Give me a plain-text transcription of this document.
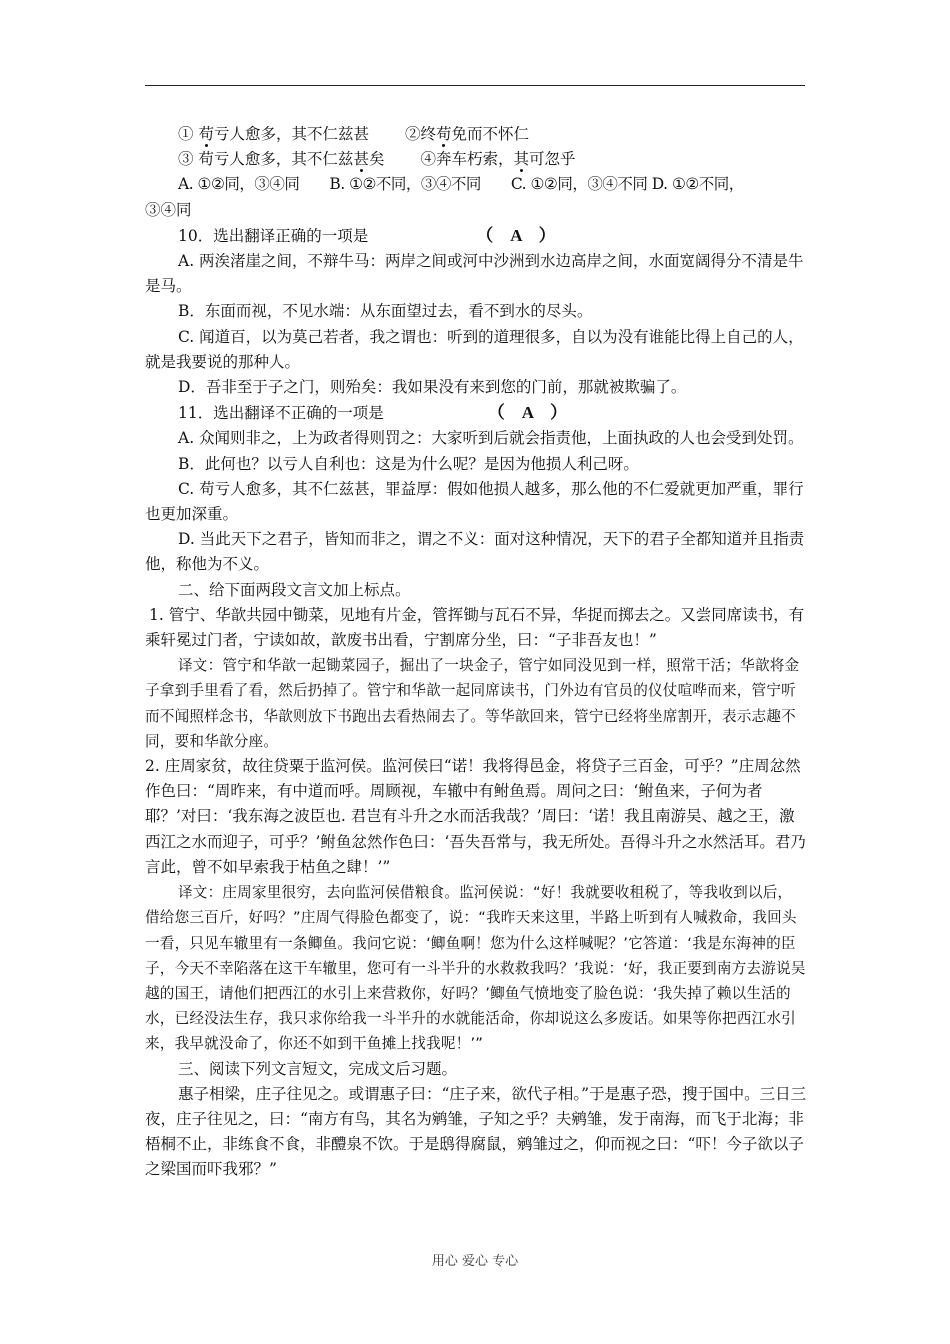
① 苟亏人愈多，其不仁兹甚 ②终苟免而不怀仁

③ 苟亏人愈多，其不仁兹甚矣 ④奔车朽索，其可忽乎

A. ①②同，③④同　　B. ①②不同，③④不同　　C. ①②同，③④不同 D. ①②不同，

③④同

10．选出翻译正确的一项是	（　A　）

A. 两涘渚崖之间，不辩牛马：两岸之间或河中沙洲到水边高岸之间，水面宽阔得分不清是牛是马。

B．东面而视，不见水端：从东面望过去，看不到水的尽头。

C. 闻道百，以为莫己若者，我之谓也：听到的道理很多，自以为没有谁能比得上自己的人，就是我要说的那种人。

D．吾非至于子之门，则殆矣：我如果没有来到您的门前，那就被欺骗了。

11．选出翻译不正确的一项是	（　A　）

A. 众闻则非之，上为政者得则罚之：大家听到后就会指责他，上面执政的人也会受到处罚。

B．此何也？以亏人自利也：这是为什么呢？是因为他损人利己呀。

C. 苟亏人愈多，其不仁兹甚，罪益厚：假如他损人越多，那么他的不仁爱就更加严重，罪行也更加深重。

D. 当此天下之君子，皆知而非之，谓之不义：面对这种情况，天下的君子全都知道并且指责他，称他为不义。

二、给下面两段文言文加上标点。

1. 管宁、华歆共园中锄菜，见地有片金，管挥锄与瓦石不异，华捉而掷去之。又尝同席读书，有乘轩冕过门者，宁读如故，歆废书出看，宁割席分坐，曰：“子非吾友也！”

译文：管宁和华歆一起锄菜园子，掘出了一块金子，管宁如同没见到一样，照常干活；华歆将金子拿到手里看了看，然后扔掉了。管宁和华歆一起同席读书，门外边有官员的仪仗喧哗而来，管宁听而不闻照样念书，华歆则放下书跑出去看热闹去了。等华歆回来，管宁已经将坐席割开，表示志趣不同，要和华歆分座。

2. 庄周家贫，故往贷粟于监河侯。监河侯曰“诺！我将得邑金，将贷子三百金，可乎？”庄周忿然作色曰：“周昨来，有中道而呼。周顾视，车辙中有鲋鱼焉。周问之曰：‘鲋鱼来，子何为者耶？’对曰：‘我东海之波臣也. 君岂有斗升之水而活我哉？’周曰：‘诺！我且南游吴、越之王，激西江之水而迎子，可乎？’鲋鱼忿然作色曰：‘吾失吾常与，我无所处。吾得斗升之水然活耳。君乃言此，曾不如早索我于枯鱼之肆！’”

译文：庄周家里很穷，去向监河侯借粮食。监河侯说：“好！我就要收租税了，等我收到以后，借给您三百斤，好吗？”庄周气得脸色都变了，说：“我昨天来这里，半路上听到有人喊救命，我回头一看，只见车辙里有一条鲫鱼。我问它说：‘鲫鱼啊！您为什么这样喊呢？’它答道：‘我是东海神的臣子，今天不幸陷落在这干车辙里，您可有一斗半升的水救救我吗？’我说：‘好，我正要到南方去游说吴越的国王，请他们把西江的水引上来营救你，好吗？’鲫鱼气愤地变了脸色说：‘我失掉了赖以生活的水，已经没法生存，我只求你给我一斗半升的水就能活命，你却说这么多废话。如果等你把西江水引来，我早就没命了，你还不如到干鱼摊上找我呢！’”

三、阅读下列文言短文，完成文后习题。

惠子相梁，庄子往见之。或谓惠子曰：“庄子来，欲代子相。”于是惠子恐，搜于国中。三日三夜，庄子往见之，曰：“南方有鸟，其名为鹓雏，子知之乎？夫鹓雏，发于南海，而飞于北海；非梧桐不止，非练食不食，非醴泉不饮。于是鸱得腐鼠，鹓雏过之，仰而视之曰：“吓！今子欲以子之梁国而吓我邪？”

用心 爱心 专心
